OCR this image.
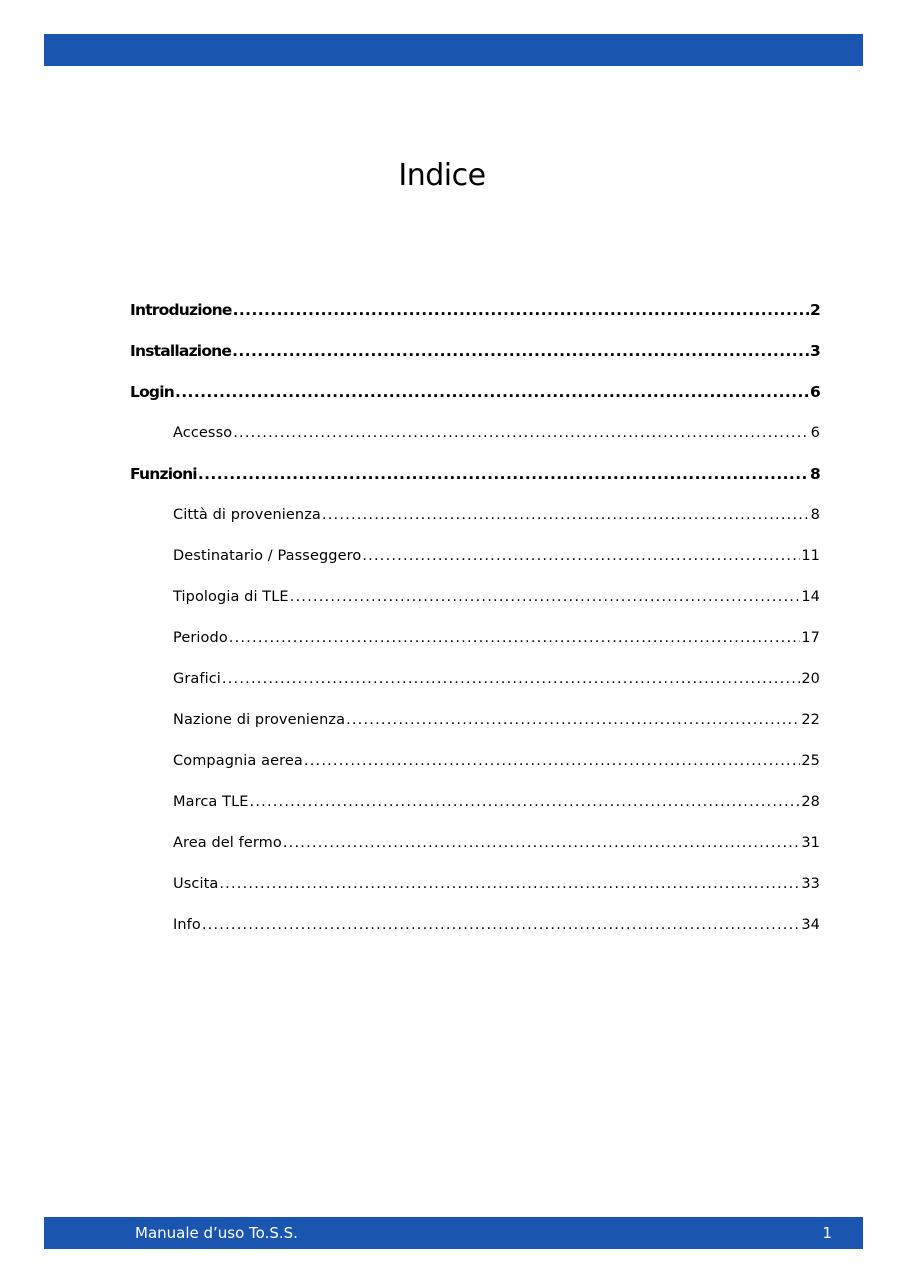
Indice
Introduzione .....	2
Installazione .....	3
Login .....	6
Accesso .....	6
Funzioni .....	8
Città di provenienza .....	8
Destinatario / Passeggero .....	11
Tipologia di TLE .....	14
Periodo .....	17
Grafici .....	20
Nazione di provenienza .....	22
Compagnia aerea .....	25
Marca TLE .....	28
Area del fermo .....	31
Uscita .....	33
Info .....	34
Manuale d’uso To.S.S.	1
